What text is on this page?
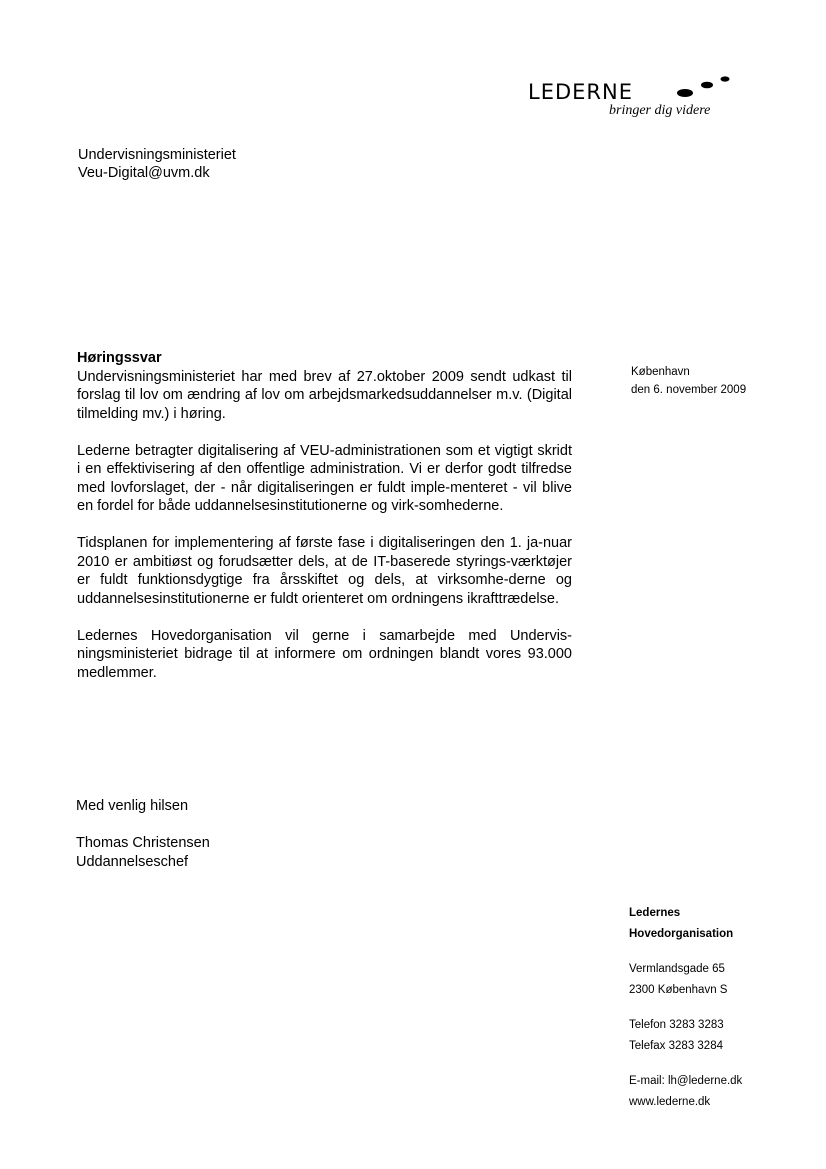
LEDERNE
bringer dig videre
Undervisningsministeriet
Veu-Digital@uvm.dk
København
den 6. november 2009
Høringssvar

Undervisningsministeriet har med brev af 27.oktober 2009 sendt udkast til forslag til lov om ændring af lov om arbejdsmarkedsuddannelser m.v. (Digital tilmelding mv.) i høring.

Lederne betragter digitalisering af VEU-administrationen som et vigtigt skridt i en effektivisering af den offentlige administration. Vi er derfor godt tilfredse med lovforslaget, der - når digitaliseringen er fuldt imple-menteret - vil blive en fordel for både uddannelsesinstitutionerne og virk-somhederne.

Tidsplanen for implementering af første fase i digitaliseringen den 1. ja-nuar 2010 er ambitiøst og forudsætter dels, at de IT-baserede styrings-værktøjer er fuldt funktionsdygtige fra årsskiftet og dels, at virksomhe-derne og uddannelsesinstitutionerne er fuldt orienteret om ordningens ikrafttrædelse.

Ledernes Hovedorganisation vil gerne i samarbejde med Undervis-ningsministeriet bidrage til at informere om ordningen blandt vores 93.000 medlemmer.

Med venlig hilsen
Thomas Christensen
Uddannelseschef
Ledernes
Hovedorganisation
Vermlandsgade 65
2300 København S
Telefon 3283 3283
Telefax 3283 3284
E-mail: lh@lederne.dk
www.lederne.dk
